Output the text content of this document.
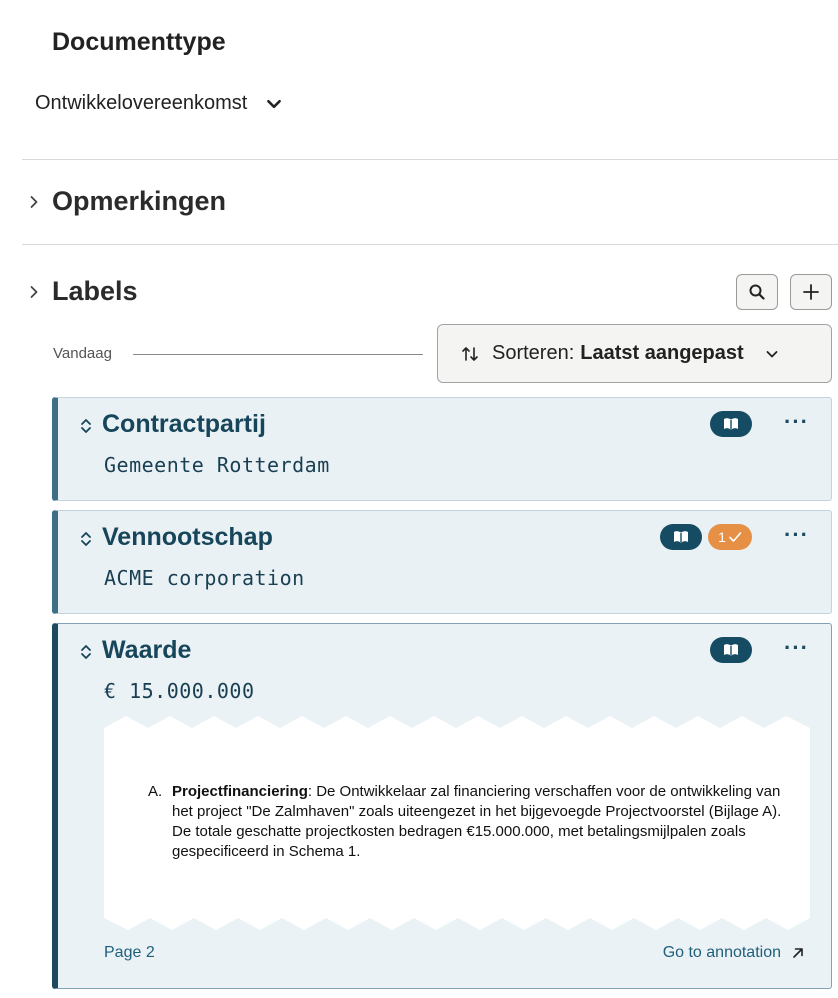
Documenttype
Ontwikkelovereenkomst
Opmerkingen
Labels
Vandaag	Sorteren: Laatst aangepast
Contractpartij	···
Gemeente Rotterdam
Vennootschap	1	···
ACME corporation
Waarde	···
€ 15.000.000
A. Projectfinanciering: De Ontwikkelaar zal financiering verschaffen voor de ontwikkeling van het project "De Zalmhaven" zoals uiteengezet in het bijgevoegde Projectvoorstel (Bijlage A). De totale geschatte projectkosten bedragen €15.000.000, met betalingsmijlpalen zoals gespecificeerd in Schema 1.
Page 2	Go to annotation
